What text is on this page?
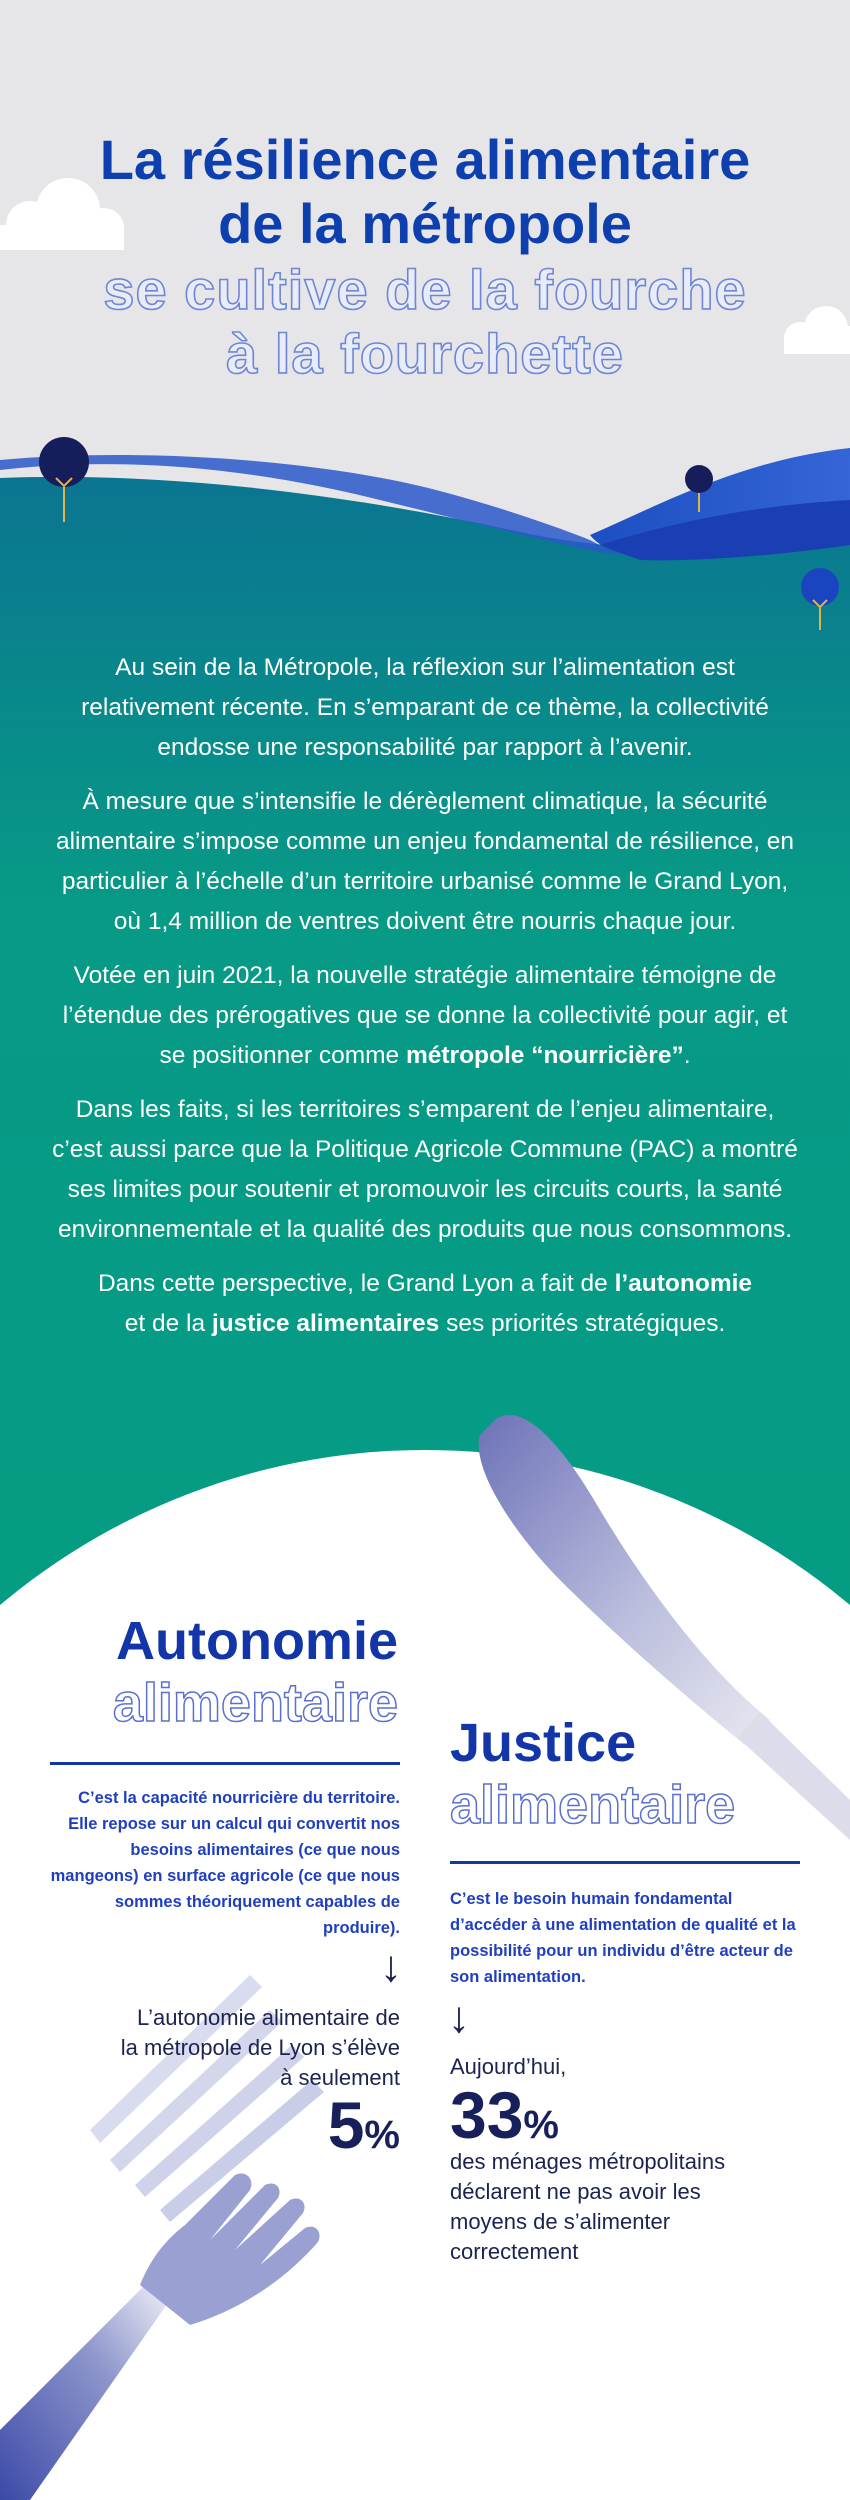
La résilience alimentaire
de la métropole
se cultive de la fourche
à la fourchette

Au sein de la Métropole, la réflexion sur l’alimentation est relativement récente. En s’emparant de ce thème, la collectivité endosse une responsabilité par rapport à l’avenir.

À mesure que s’intensifie le dérèglement climatique, la sécurité alimentaire s’impose comme un enjeu fondamental de résilience, en particulier à l’échelle d’un territoire urbanisé comme le Grand Lyon, où 1,4 million de ventres doivent être nourris chaque jour.

Votée en juin 2021, la nouvelle stratégie alimentaire témoigne de l’étendue des prérogatives que se donne la collectivité pour agir, et se positionner comme métropole “nourricière”.

Dans les faits, si les territoires s’emparent de l’enjeu alimentaire, c’est aussi parce que la Politique Agricole Commune (PAC) a montré ses limites pour soutenir et promouvoir les circuits courts, la santé environnementale et la qualité des produits que nous consommons.

Dans cette perspective, le Grand Lyon a fait de l’autonomie
et de la justice alimentaires ses priorités stratégiques.

Autonomie
alimentaire
C’est la capacité nourricière du territoire. Elle repose sur un calcul qui convertit nos besoins alimentaires (ce que nous mangeons) en surface agricole (ce que nous sommes théoriquement capables de produire).
↓
L’autonomie alimentaire de la métropole de Lyon s’élève à seulement
5%
Justice
alimentaire
C’est le besoin humain fondamental d’accéder à une alimentation de qualité et la possibilité pour un individu d’être acteur de son alimentation.
↓
Aujourd’hui,
33%
des ménages métropolitains déclarent ne pas avoir les moyens de s’alimenter correctement
